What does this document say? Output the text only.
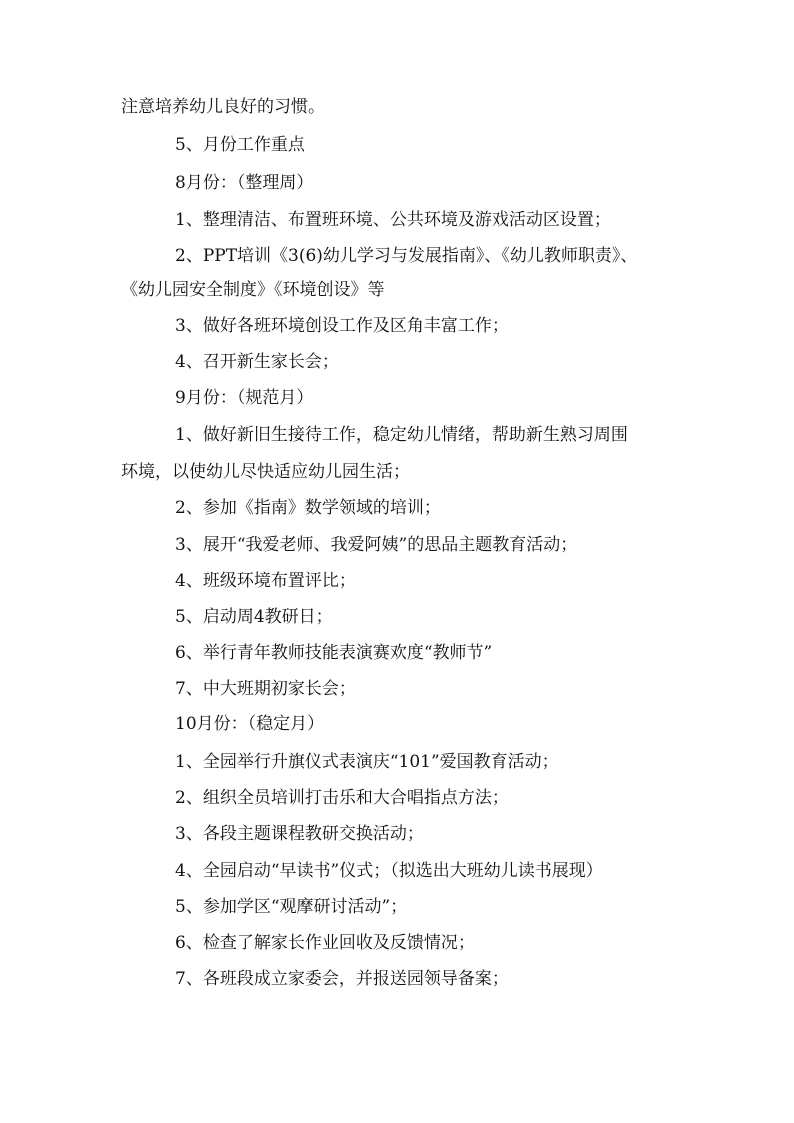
注意培养幼儿良好的习惯。
5、月份工作重点
8月份：（整理周）
1、整理清洁、布置班环境、公共环境及游戏活动区设置；
2、PPT培训《3(6)幼儿学习与发展指南》、《幼儿教师职责》、
《幼儿园安全制度》《环境创设》等
3、做好各班环境创设工作及区角丰富工作；
4、召开新生家长会；
9月份：（规范月）
1、做好新旧生接待工作，稳定幼儿情绪，帮助新生熟习周围
环境，以使幼儿尽快适应幼儿园生活；
2、参加《指南》数学领域的培训；
3、展开“我爱老师、我爱阿姨”的思品主题教育活动；
4、班级环境布置评比；
5、启动周4教研日；
6、举行青年教师技能表演赛欢度“教师节”
7、中大班期初家长会；
10月份：（稳定月）
1、全园举行升旗仪式表演庆“101”爱国教育活动；
2、组织全员培训打击乐和大合唱指点方法；
3、各段主题课程教研交换活动；
4、全园启动“早读书”仪式；（拟选出大班幼儿读书展现）
5、参加学区“观摩研讨活动”；
6、检查了解家长作业回收及反馈情况；
7、各班段成立家委会，并报送园领导备案；
